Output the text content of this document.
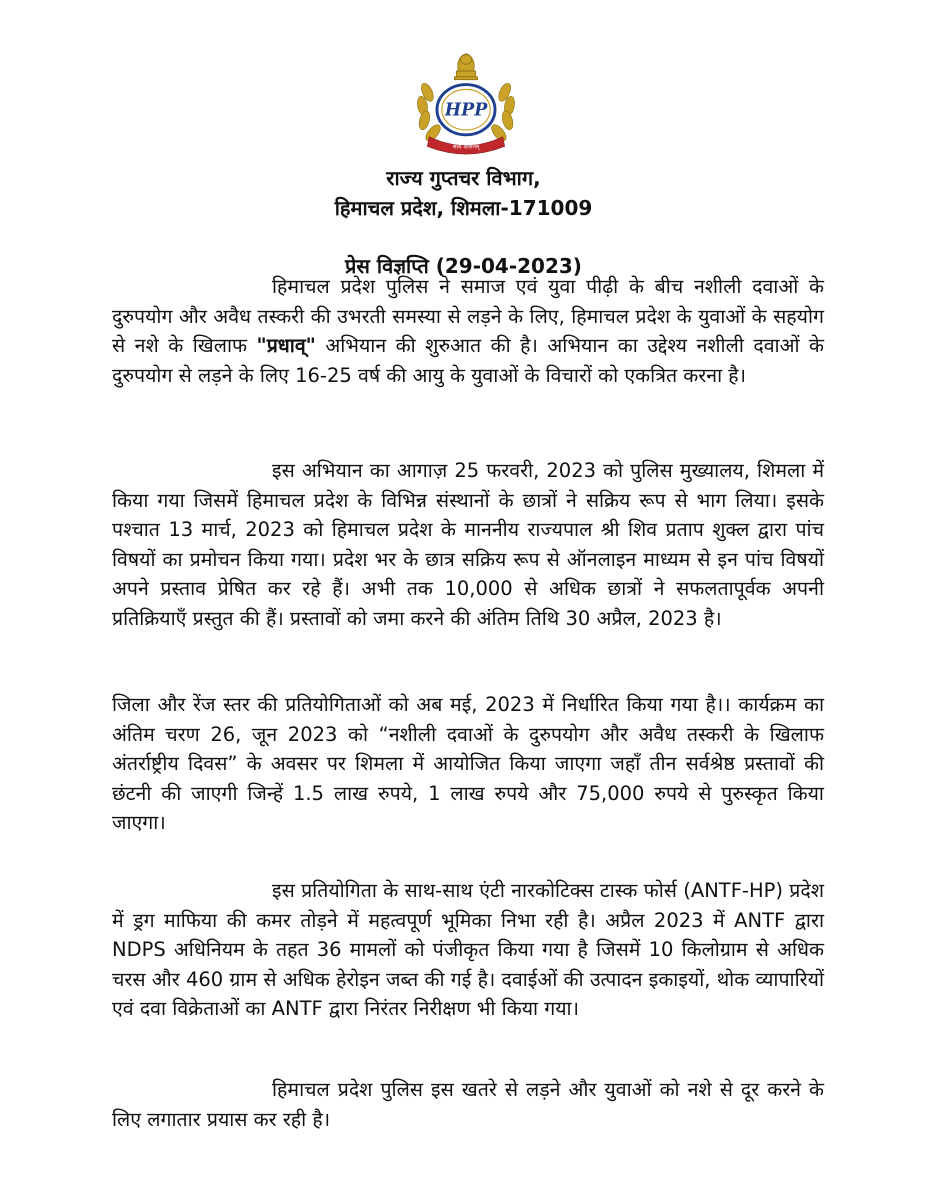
HPP
सत्यं शासनम्
राज्य गुप्तचर विभाग,
हिमाचल प्रदेश, शिमला-171009
प्रेस विज्ञप्ति (29-04-2023)

हिमाचल प्रदेश पुलिस ने समाज एवं युवा पीढ़ी के बीच नशीली दवाओं के दुरुपयोग और अवैध तस्करी की उभरती समस्या से लड़ने के लिए, हिमाचल प्रदेश के युवाओं के सहयोग से नशे के खिलाफ "प्रधाव्" अभियान की शुरुआत की है। अभियान का उद्देश्य नशीली दवाओं के दुरुपयोग से लड़ने के लिए 16-25 वर्ष की आयु के युवाओं के विचारों को एकत्रित करना है।

इस अभियान का आगाज़ 25 फरवरी, 2023 को पुलिस मुख्यालय, शिमला में किया गया जिसमें हिमाचल प्रदेश के विभिन्न संस्थानों के छात्रों ने सक्रिय रूप से भाग लिया। इसके पश्चात 13 मार्च, 2023 को हिमाचल प्रदेश के माननीय राज्यपाल श्री शिव प्रताप शुक्ल द्वारा पांच विषयों का प्रमोचन किया गया। प्रदेश भर के छात्र सक्रिय रूप से ऑनलाइन माध्यम से इन पांच विषयों अपने प्रस्ताव प्रेषित कर रहे हैं। अभी तक 10,000 से अधिक छात्रों ने सफलतापूर्वक अपनी प्रतिक्रियाएँ प्रस्तुत की हैं। प्रस्तावों को जमा करने की अंतिम तिथि 30 अप्रैल, 2023 है।

जिला और रेंज स्तर की प्रतियोगिताओं को अब मई, 2023 में निर्धारित किया गया है।। कार्यक्रम का अंतिम चरण 26, जून 2023 को “नशीली दवाओं के दुरुपयोग और अवैध तस्करी के खिलाफ अंतर्राष्ट्रीय दिवस” के अवसर पर शिमला में आयोजित किया जाएगा जहाँ तीन सर्वश्रेष्ठ प्रस्तावों की छंटनी की जाएगी जिन्हें 1.5 लाख रुपये, 1 लाख रुपये और 75,000 रुपये से पुरुस्कृत किया जाएगा।

इस प्रतियोगिता के साथ-साथ एंटी नारकोटिक्स टास्क फोर्स (ANTF-HP) प्रदेश में ड्रग माफिया की कमर तोड़ने में महत्वपूर्ण भूमिका निभा रही है। अप्रैल 2023 में ANTF द्वारा NDPS अधिनियम के तहत 36 मामलों को पंजीकृत किया गया है जिसमें 10 किलोग्राम से अधिक चरस और 460 ग्राम से अधिक हेरोइन जब्त की गई है। दवाईओं की उत्पादन इकाइयों, थोक व्यापारियों एवं दवा विक्रेताओं का ANTF द्वारा निरंतर निरीक्षण भी किया गया।

हिमाचल प्रदेश पुलिस इस खतरे से लड़ने और युवाओं को नशे से दूर करने के लिए लगातार प्रयास कर रही है।
